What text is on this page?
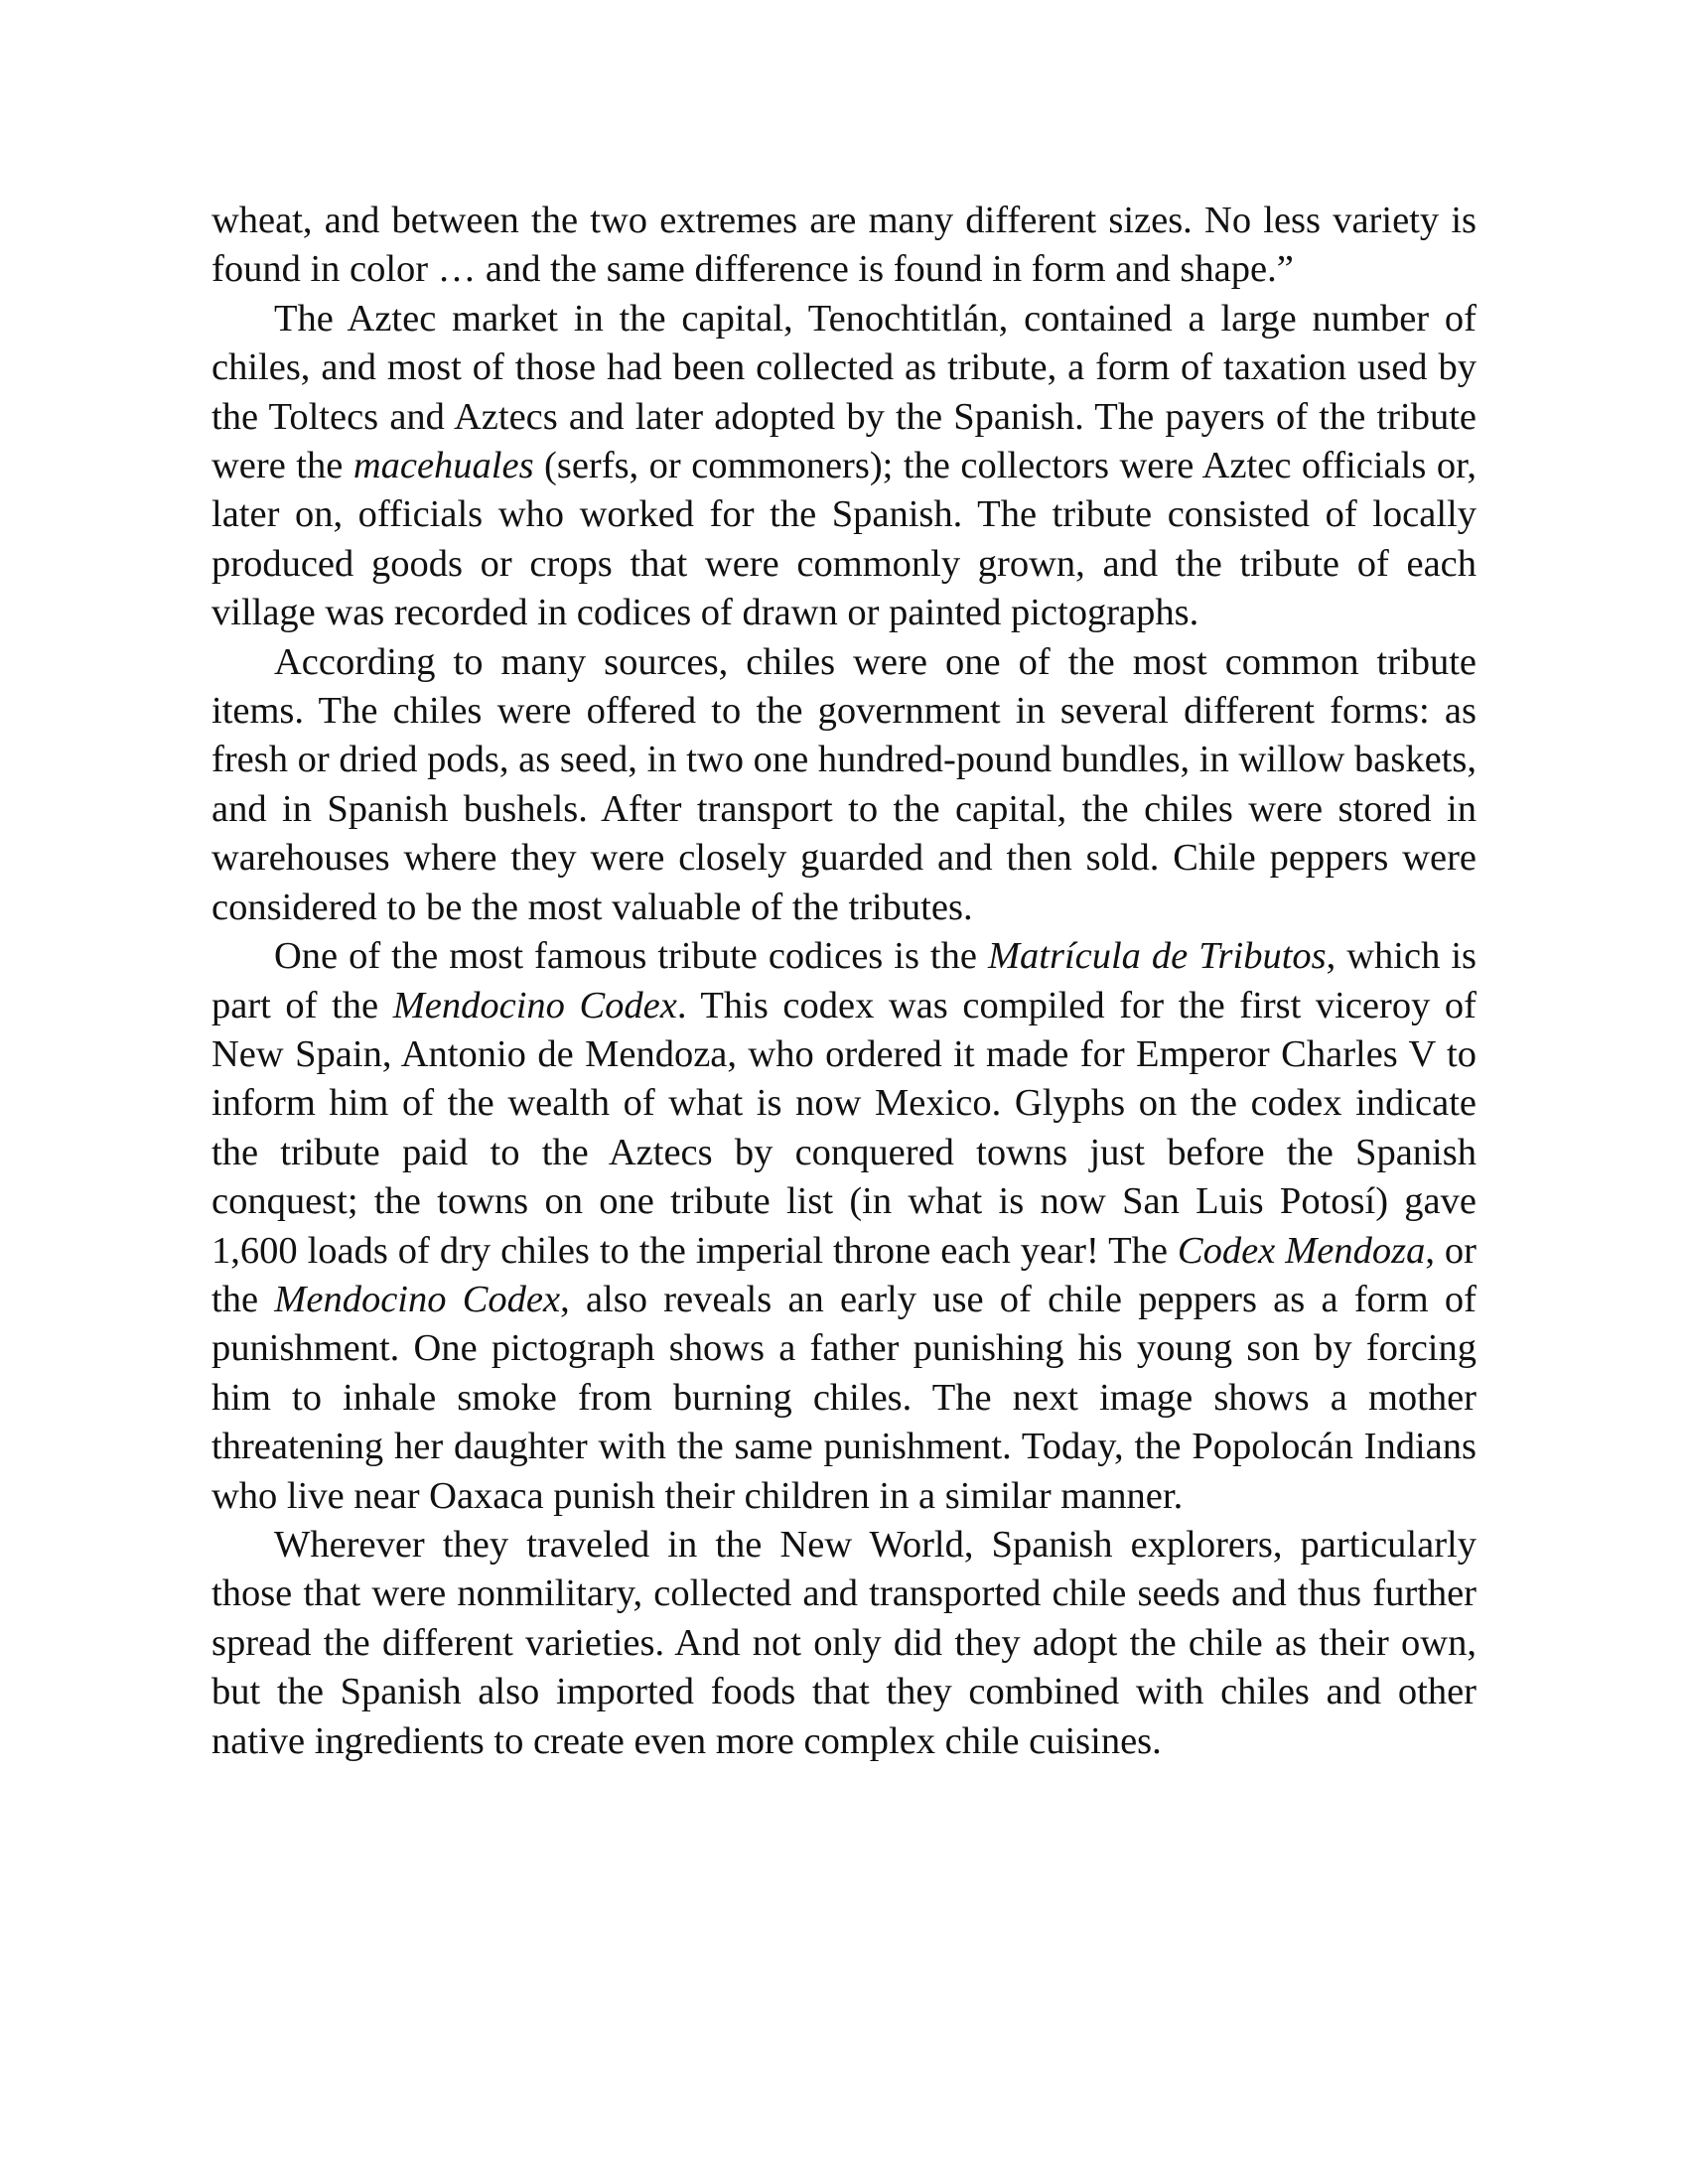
wheat, and between the two extremes are many different sizes. No less variety is found in color … and the same difference is found in form and shape.”

The Aztec market in the capital, Tenochtitlán, contained a large number of chiles, and most of those had been collected as tribute, a form of taxation used by the Toltecs and Aztecs and later adopted by the Spanish. The payers of the tribute were the macehuales (serfs, or commoners); the collectors were Aztec officials or, later on, officials who worked for the Spanish. The tribute consisted of locally produced goods or crops that were commonly grown, and the tribute of each village was recorded in codices of drawn or painted pictographs.

According to many sources, chiles were one of the most common tribute items. The chiles were offered to the government in several different forms: as fresh or dried pods, as seed, in two one hundred-pound bundles, in willow baskets, and in Spanish bushels. After transport to the capital, the chiles were stored in warehouses where they were closely guarded and then sold. Chile peppers were considered to be the most valuable of the tributes.

One of the most famous tribute codices is the Matrícula de Tributos, which is part of the Mendocino Codex. This codex was compiled for the first viceroy of New Spain, Antonio de Mendoza, who ordered it made for Emperor Charles V to inform him of the wealth of what is now Mexico. Glyphs on the codex indicate the tribute paid to the Aztecs by conquered towns just before the Spanish conquest; the towns on one tribute list (in what is now San Luis Potosí) gave 1,600 loads of dry chiles to the imperial throne each year! The Codex Mendoza, or the Mendocino Codex, also reveals an early use of chile peppers as a form of punishment. One pictograph shows a father punishing his young son by forcing him to inhale smoke from burning chiles. The next image shows a mother threatening her daughter with the same punishment. Today, the Popolocán Indians who live near Oaxaca punish their children in a similar manner.

Wherever they traveled in the New World, Spanish explorers, particularly those that were nonmilitary, collected and transported chile seeds and thus further spread the different varieties. And not only did they adopt the chile as their own, but the Spanish also imported foods that they combined with chiles and other native ingredients to create even more complex chile cuisines.
